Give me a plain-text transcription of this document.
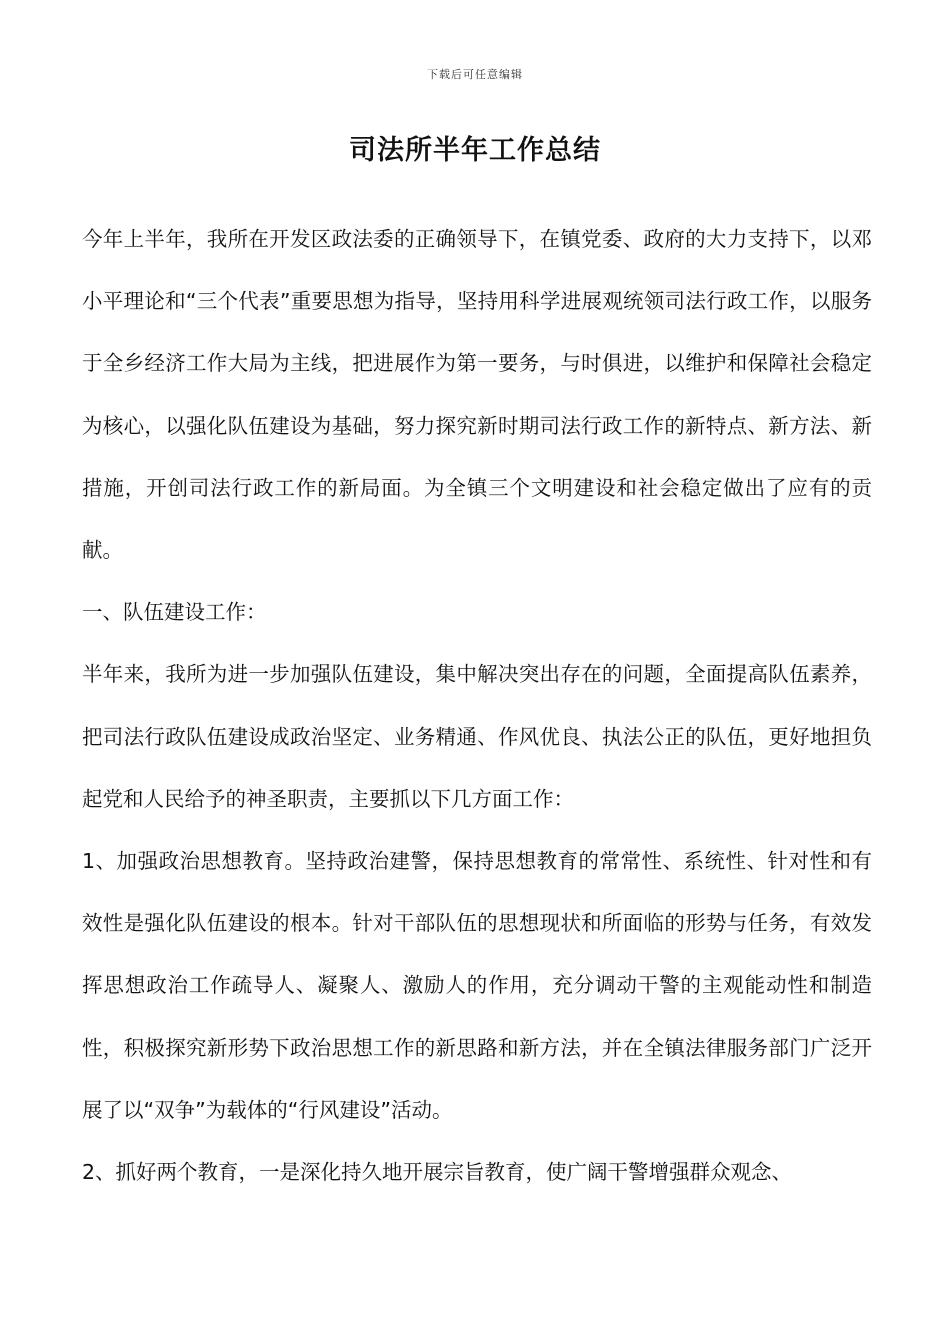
下载后可任意编辑
司法所半年工作总结

今年上半年，我所在开发区政法委的正确领导下，在镇党委、政府的大力支持下，以邓小平理论和“三个代表”重要思想为指导，坚持用科学进展观统领司法行政工作，以服务于全乡经济工作大局为主线，把进展作为第一要务，与时俱进，以维护和保障社会稳定为核心，以强化队伍建设为基础，努力探究新时期司法行政工作的新特点、新方法、新措施，开创司法行政工作的新局面。为全镇三个文明建设和社会稳定做出了应有的贡献。

一、队伍建设工作：

半年来，我所为进一步加强队伍建设，集中解决突出存在的问题，全面提高队伍素养，把司法行政队伍建设成政治坚定、业务精通、作风优良、执法公正的队伍，更好地担负起党和人民给予的神圣职责，主要抓以下几方面工作：

1、加强政治思想教育。坚持政治建警，保持思想教育的常常性、系统性、针对性和有效性是强化队伍建设的根本。针对干部队伍的思想现状和所面临的形势与任务，有效发挥思想政治工作疏导人、凝聚人、激励人的作用，充分调动干警的主观能动性和制造性，积极探究新形势下政治思想工作的新思路和新方法，并在全镇法律服务部门广泛开展了以“双争”为载体的“行风建设”活动。

2、抓好两个教育，一是深化持久地开展宗旨教育，使广阔干警增强群众观念、
